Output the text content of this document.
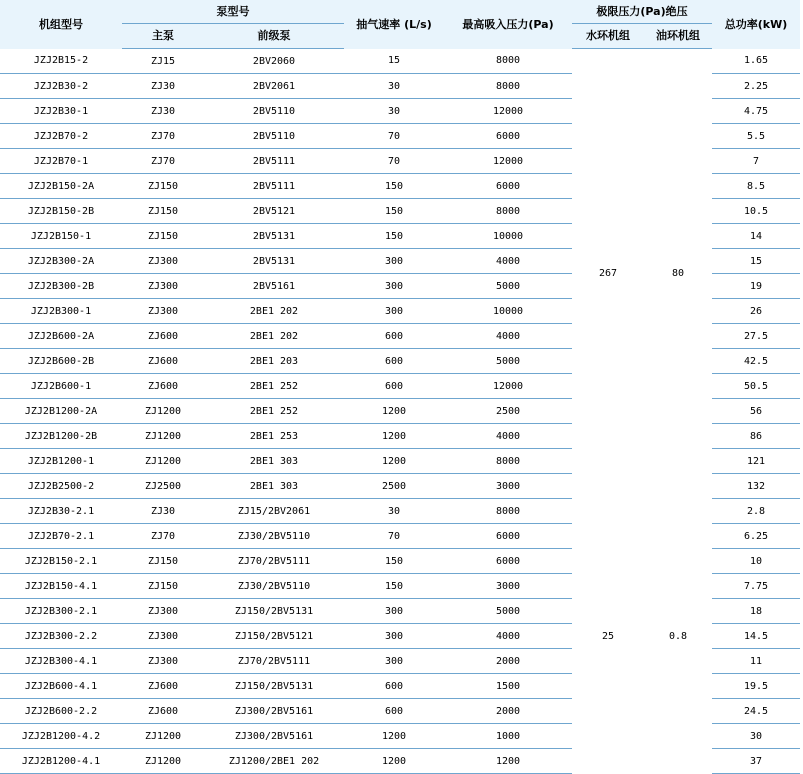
机组型号	泵型号		抽气速率 (L/s)	最高吸入压力(Pa)	极限压力(Pa)绝压		总功率(kW)
	主泵	前级泵			水环机组	油环机组	
JZJ2B15-2	ZJ15	2BV2060	15	8000	267	80	1.65
JZJ2B30-2	ZJ30	2BV2061	30	8000			2.25
JZJ2B30-1	ZJ30	2BV5110	30	12000			4.75
JZJ2B70-2	ZJ70	2BV5110	70	6000			5.5
JZJ2B70-1	ZJ70	2BV5111	70	12000			7
JZJ2B150-2A	ZJ150	2BV5111	150	6000			8.5
JZJ2B150-2B	ZJ150	2BV5121	150	8000			10.5
JZJ2B150-1	ZJ150	2BV5131	150	10000			14
JZJ2B300-2A	ZJ300	2BV5131	300	4000			15
JZJ2B300-2B	ZJ300	2BV5161	300	5000			19
JZJ2B300-1	ZJ300	2BE1 202	300	10000			26
JZJ2B600-2A	ZJ600	2BE1 202	600	4000			27.5
JZJ2B600-2B	ZJ600	2BE1 203	600	5000			42.5
JZJ2B600-1	ZJ600	2BE1 252	600	12000			50.5
JZJ2B1200-2A	ZJ1200	2BE1 252	1200	2500			56
JZJ2B1200-2B	ZJ1200	2BE1 253	1200	4000			86
JZJ2B1200-1	ZJ1200	2BE1 303	1200	8000			121
JZJ2B2500-2	ZJ2500	2BE1 303	2500	3000			132
JZJ2B30-2.1	ZJ30	ZJ15/2BV2061	30	8000	25	0.8	2.8
JZJ2B70-2.1	ZJ70	ZJ30/2BV5110	70	6000			6.25
JZJ2B150-2.1	ZJ150	ZJ70/2BV5111	150	6000			10
JZJ2B150-4.1	ZJ150	ZJ30/2BV5110	150	3000			7.75
JZJ2B300-2.1	ZJ300	ZJ150/2BV5131	300	5000			18
JZJ2B300-2.2	ZJ300	ZJ150/2BV5121	300	4000			14.5
JZJ2B300-4.1	ZJ300	ZJ70/2BV5111	300	2000			11
JZJ2B600-4.1	ZJ600	ZJ150/2BV5131	600	1500			19.5
JZJ2B600-2.2	ZJ600	ZJ300/2BV5161	600	2000			24.5
JZJ2B1200-4.2	ZJ1200	ZJ300/2BV5161	1200	1000			30
JZJ2B1200-4.1	ZJ1200	ZJ1200/2BE1 202	1200	1200			37
